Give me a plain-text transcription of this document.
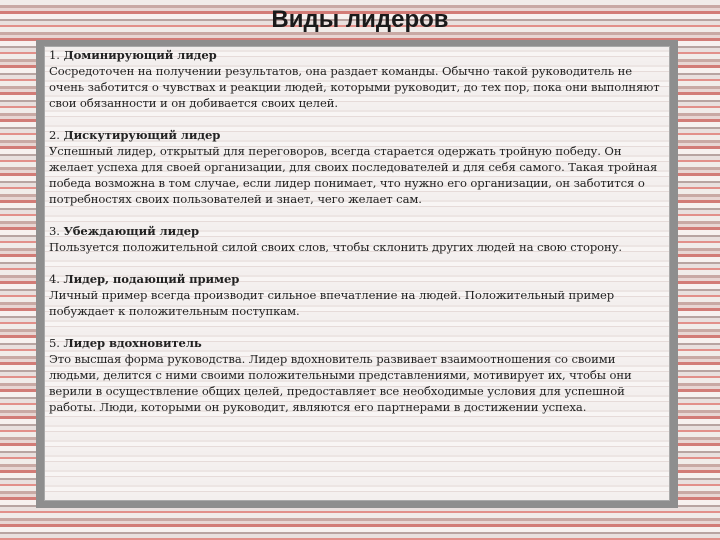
Виды лидеров
1. Доминирующий лидер
Сосредоточен на получении результатов, она раздает команды. Обычно такой руководитель не очень заботится о чувствах и реакции людей, которыми руководит, до тех пор, пока они выполняют свои обязанности и он добивается своих целей.
2. Дискутирующий лидер
Успешный лидер, открытый для переговоров, всегда старается одержать тройную победу. Он желает успеха для своей организации, для своих последователей и для себя самого. Такая тройная победа возможна в том случае, если лидер понимает, что нужно его организации, он заботится о потребностях своих пользователей и знает, чего желает сам.
3. Убеждающий лидер
Пользуется положительной силой своих слов, чтобы склонить других людей на свою сторону.
4. Лидер, подающий пример
Личный пример всегда производит сильное впечатление на людей. Положительный пример побуждает к положительным поступкам.
5. Лидер вдохновитель
Это высшая форма руководства. Лидер вдохновитель развивает взаимоотношения со своими людьми, делится с ними своими положительными представлениями, мотивирует их, чтобы они верили в осуществление общих целей, предоставляет все необходимые условия для успешной работы. Люди, которыми он руководит, являются его партнерами в достижении успеха.
